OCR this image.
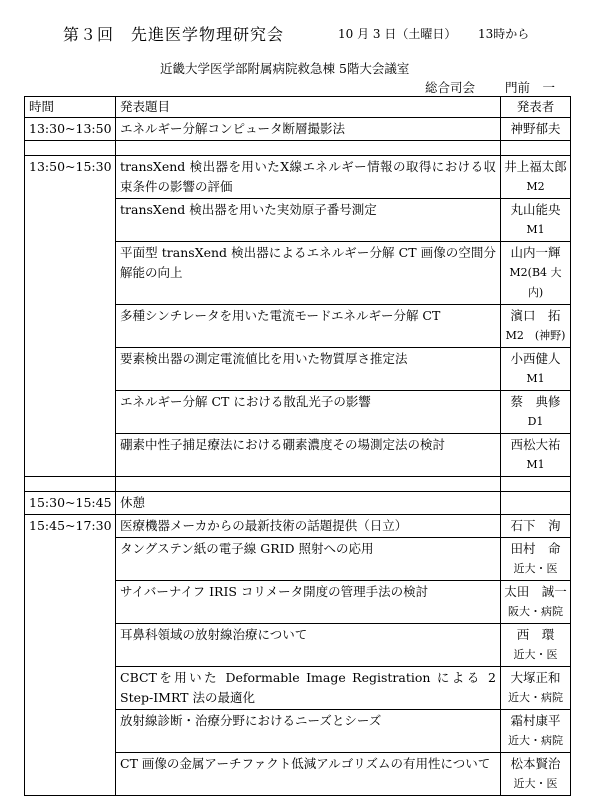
第３回　先進医学物理研究会	10 月 3 日（土曜日） 13時から
近畿大学医学部附属病院救急棟 5階大会議室
総合司会 門前　一
時間	発表題目	発表者
13:30~13:50	エネルギー分解コンピュータ断層撮影法	神野郁夫

13:50~15:30	transXend 検出器を用いたX線エネルギー情報の取得における収束条件の影響の評価	井上福太郎
M2

	transXend 検出器を用いた実効原子番号測定	丸山能央
M1

	平面型 transXend 検出器によるエネルギー分解 CT 画像の空間分解能の向上	山内一輝
M2(B4 大内)

	多種シンチレータを用いた電流モードエネルギー分解 CT	濱口　拓
M2　(神野)

	要素検出器の測定電流値比を用いた物質厚さ推定法	小西健人
M1

	エネルギー分解 CT における散乱光子の影響	蔡　典修
D1

	硼素中性子捕足療法における硼素濃度その場測定法の検討	西松大祐
M1

15:30~15:45	休憩	

15:45~17:30	医療機器メーカからの最新技術の話題提供（日立）	石下　洵

	タングステン紙の電子線 GRID 照射への応用	田村　命
近大・医

	サイバーナイフ IRIS コリメータ開度の管理手法の検討	太田　誠一
阪大・病院

	耳鼻科領域の放射線治療について	西　環
近大・医

	CBCTを用いた Deformable Image Registration による 2 Step-IMRT 法の最適化	大塚正和
近大・病院

	放射線診断・治療分野におけるニーズとシーズ	霜村康平
近大・病院

	CT 画像の金属アーチファクト低減アルゴリズムの有用性について	松本賢治
近大・医
